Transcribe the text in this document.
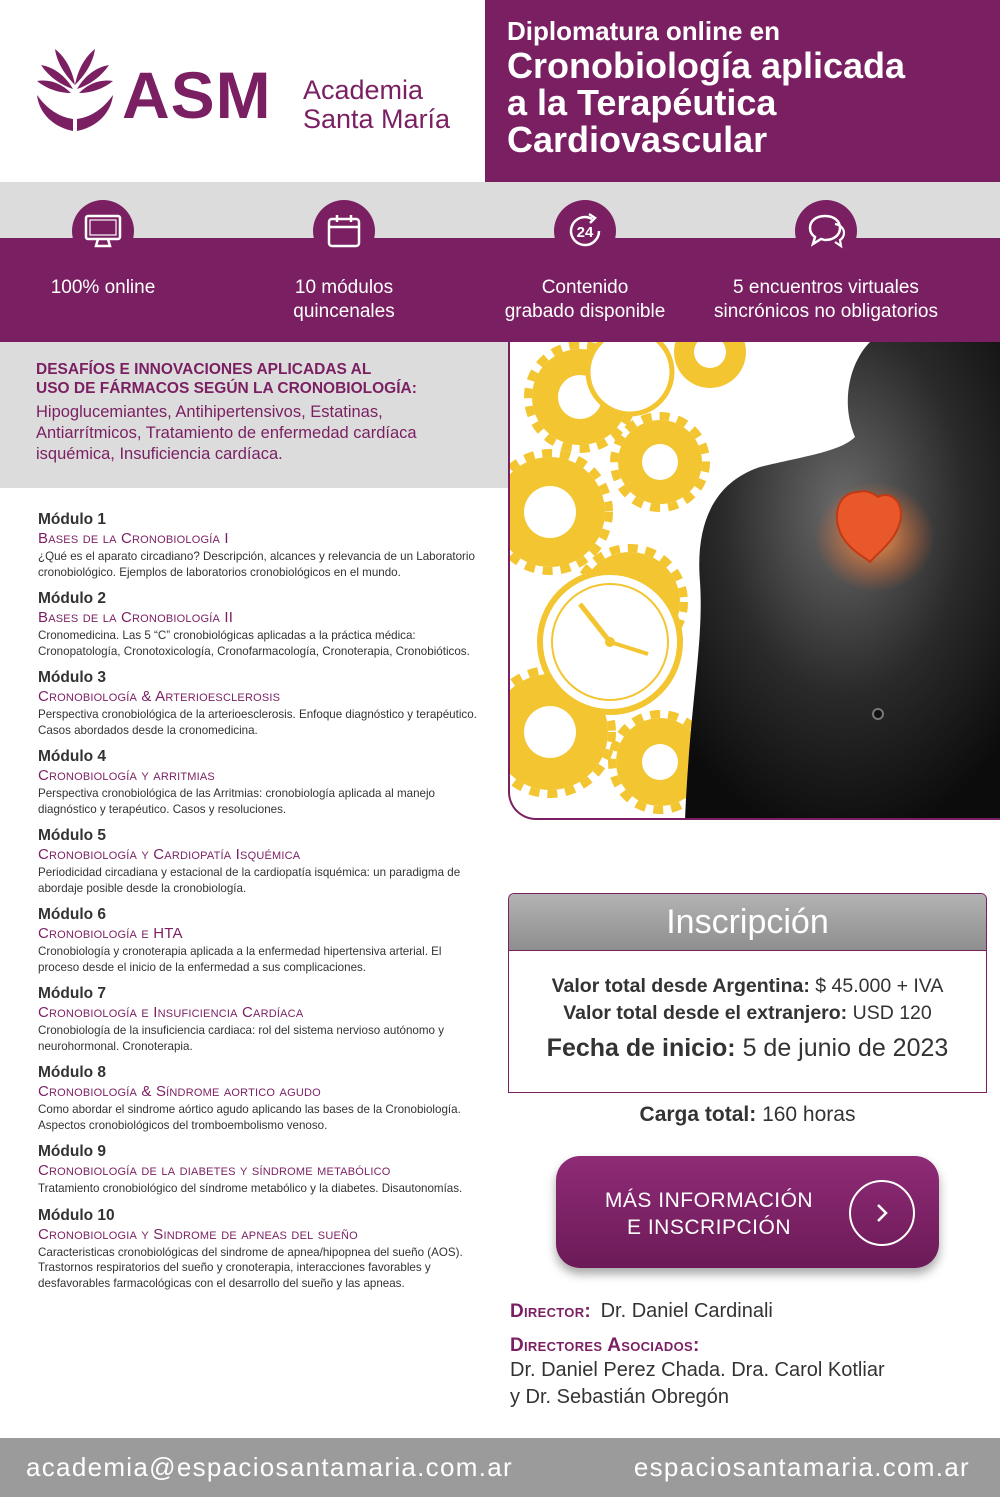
ASM Academia
Santa María
Diplomatura online en
Cronobiología aplicada
a la Terapéutica
Cardiovascular
100% online	10 módulos
quincenales
24
Contenido
grabado disponible
5 encuentros virtuales
sincrónicos no obligatorios
DESAFÍOS E INNOVACIONES APLICADAS AL
USO DE FÁRMACOS SEGÚN LA CRONOBIOLOGÍA:
Hipoglucemiantes, Antihipertensivos, Estatinas, Antiarrítmicos, Tratamiento de enfermedad cardíaca isquémica, Insuficiencia cardíaca.
Módulo 1
Bases de la Cronobiología I
¿Qué es el aparato circadiano? Descripción, alcances y relevancia de un Laboratorio cronobiológico. Ejemplos de laboratorios cronobiológicos en el mundo.
Módulo 2
Bases de la Cronobiología II
Cronomedicina. Las 5 “C” cronobiológicas aplicadas a la práctica médica: Cronopatología, Cronotoxicología, Cronofarmacología, Cronoterapia, Cronobióticos.
Módulo 3
Cronobiología & Arterioesclerosis
Perspectiva cronobiológica de la arterioesclerosis. Enfoque diagnóstico y terapéutico. Casos abordados desde la cronomedicina.
Módulo 4
Cronobiología y arritmias
Perspectiva cronobiológica de las Arritmias: cronobiología aplicada al manejo diagnóstico y terapéutico. Casos y resoluciones.
Módulo 5
Cronobiología y Cardiopatía Isquémica
Periodicidad circadiana y estacional de la cardiopatía isquémica: un paradigma de abordaje posible desde la cronobiología.
Módulo 6
Cronobiología e HTA
Cronobiología y cronoterapia aplicada a la enfermedad hipertensiva arterial. El proceso desde el inicio de la enfermedad a sus complicaciones.
Módulo 7
Cronobiología e Insuficiencia Cardíaca
Cronobiología de la insuficiencia cardiaca: rol del sistema nervioso autónomo y neurohormonal. Cronoterapia.
Módulo 8
Cronobiología & Síndrome aortico agudo
Como abordar el sindrome aórtico agudo aplicando las bases de la Cronobiología. Aspectos cronobiológicos del tromboembolismo venoso.
Módulo 9
Cronobiología de la diabetes y síndrome metabólico
Tratamiento cronobiológico del síndrome metabólico y la diabetes. Disautonomías.
Módulo 10
Cronobiologia y Sindrome de apneas del sueño
Caracteristicas cronobiológicas del sindrome de apnea/hipopnea del sueño (AOS). Trastornos respiratorios del sueño y cronoterapia, interacciones favorables y desfavorables farmacológicas con el desarrollo del sueño y las apneas.
Inscripción
Valor total desde Argentina: $ 45.000 + IVA
Valor total desde el extranjero: USD 120
Fecha de inicio: 5 de junio de 2023
Carga total: 160 horas
MÁS INFORMACIÓN
E INSCRIPCIÓN
Director: Dr. Daniel Cardinali
Directores Asociados:
Dr. Daniel Perez Chada. Dra. Carol Kotliar
y Dr. Sebastián Obregón
academia@espaciosantamaria.com.ar	espaciosantamaria.com.ar
